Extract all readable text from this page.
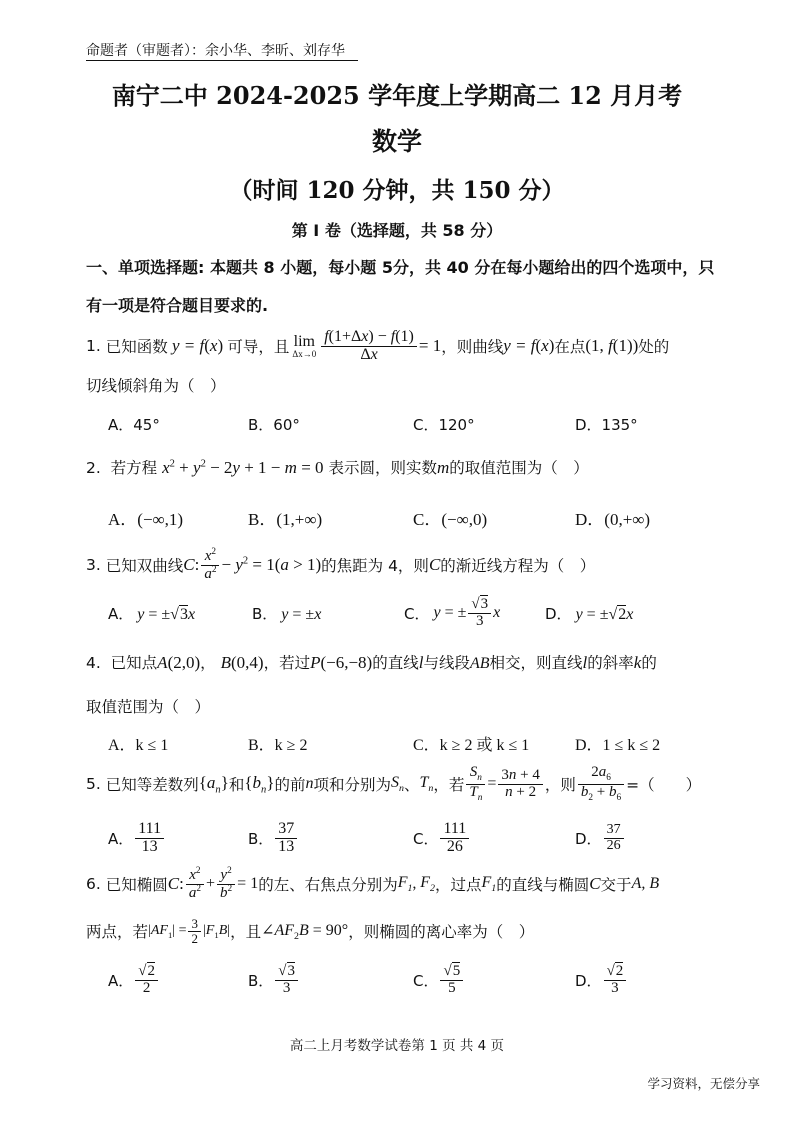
命题者（审题者）：余小华、李昕、刘存华
南宁二中 2024-2025 学年度上学期高二 12 月月考
数学
（时间 120 分钟，共 150 分）
第 Ⅰ 卷（选择题，共 58 分）
一、单项选择题: 本题共 8 小题，每小题 5分，共 40 分在每小题给出的四个选项中，只
有一项是符合题目要求的.
1.
已知函数 y = f ( x ) 可导，且 lim
$\Delta x\to 0 \frac{f(1+\Delta x) - f(1)}{\Delta x} = 1$ ，则曲线 y = f ( x ) 在点 (1, f(1)) 处的
切线倾斜角为（　）
A．45°	B．60°	C．120°	D．135°
2. 若方程 $x^2 + y^2 - 2y + 1 - m = 0$ 表示圆，则实数m的取值范围为（　）
A．(−∞,1)	B．(1,+∞)	C．(−∞,0)	D．(0,+∞)
3.
已知双曲线 C : $\frac{x^2}{a^2} - y^2 = 1(a > 1)$ 的焦距为 4，则 C 的渐近线方程为（　）
A． y = ±√3x	B． y = ±x	C． y = ± $\frac{√3}{3}$ x	D． y = ±√2x
4. 已知点A(2,0)， B(0,4)，若过P(−6,−8)的直线l与线段AB相交，则直线l的斜率k的
取值范围为（　）
A．k ≤ 1	B．k ≥ 2	C．k ≥ 2 或 k ≤ 1	D．1 ≤ k ≤ 2
5.
已知等差数列 $\{a_n\}$ 和 $\{b_n\}$ 的前 n 项和分别为 $S_n$ 、 $T_n$ ，若 $\frac{S_n}{T_n} = \frac{3n + 4}{n + 2}$ ，则 $\frac{2a_6}{b_2 + b_6}$ =（　　）
A． $\frac{111}{13}$	B． $\frac{37}{13}$	C． $\frac{111}{26}$	D． $\frac{37}{26}$
6.
已知椭圆 C : $\frac{x^2}{a^2} + \frac{y^2}{b^2} = 1$ 的左、右焦点分别为 $F_1$ , $F_2$ ，过点 $F_1$ 的直线与椭圆 C 交于 A, B
两点，若 $|AF_1| = \frac{3}{2} |F_1B|$ ，且 $\angle AF_2B = 90^\circ$ ，则椭圆的离心率为（　）
A． $\frac{√2}{2}$	B． $\frac{√3}{3}$	C． $\frac{√5}{5}$	D． $\frac{√2}{3}$
高二上月考数学试卷第 1 页 共 4 页
学习资料，无偿分享
